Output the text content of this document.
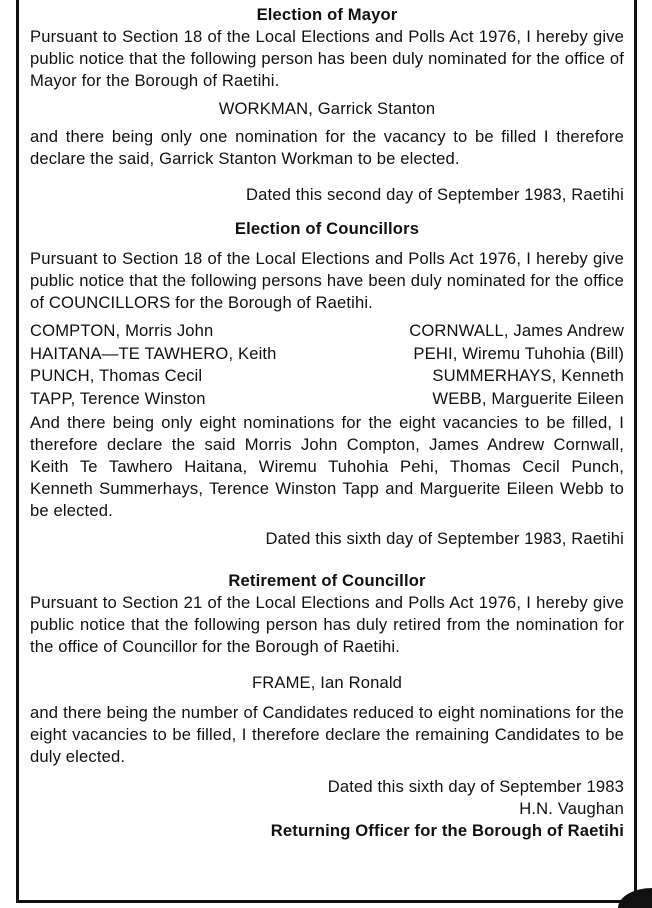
Election of Mayor

Pursuant to Section 18 of the Local Elections and Polls Act 1976, I hereby give public notice that the following person has been duly nominated for the office of Mayor for the Borough of Raetihi.

WORKMAN, Garrick Stanton

and there being only one nomination for the vacancy to be filled I therefore declare the said, Garrick Stanton Workman to be elected.

Dated this second day of September 1983, Raetihi

Election of Councillors

Pursuant to Section 18 of the Local Elections and Polls Act 1976, I hereby give public notice that the following persons have been duly nominated for the office of COUNCILLORS for the Borough of Raetihi.

COMPTON, Morris John
HAITANA—TE TAWHERO, Keith
PUNCH, Thomas Cecil
TAPP, Terence Winston
CORNWALL, James Andrew
PEHI, Wiremu Tuhohia (Bill)
SUMMERHAYS, Kenneth
WEBB, Marguerite Eileen

And there being only eight nominations for the eight vacancies to be filled, I therefore declare the said Morris John Compton, James Andrew Cornwall, Keith Te Tawhero Haitana, Wiremu Tuhohia Pehi, Thomas Cecil Punch, Kenneth Summerhays, Terence Winston Tapp and Marguerite Eileen Webb to be elected.

Dated this sixth day of September 1983, Raetihi

Retirement of Councillor

Pursuant to Section 21 of the Local Elections and Polls Act 1976, I hereby give public notice that the following person has duly retired from the nomination for the office of Councillor for the Borough of Raetihi.

FRAME, Ian Ronald

and there being the number of Candidates reduced to eight nominations for the eight vacancies to be filled, I therefore declare the remaining Candidates to be duly elected.

Dated this sixth day of September 1983

H.N. Vaughan

Returning Officer for the Borough of Raetihi
